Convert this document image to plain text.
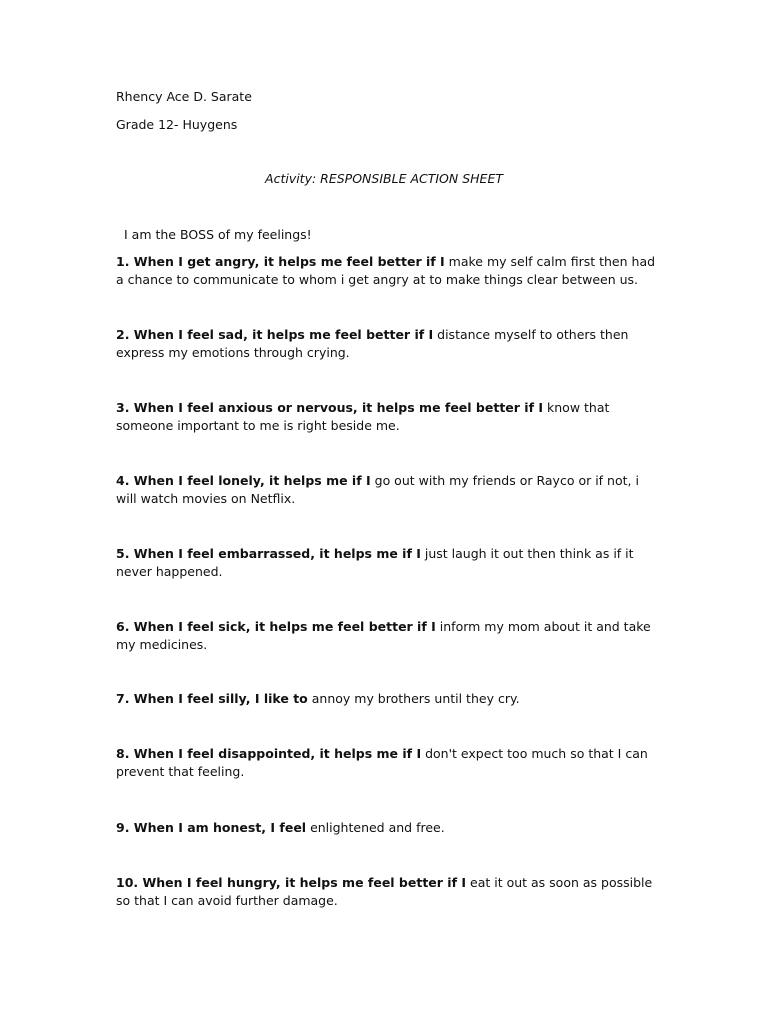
Rhency Ace D. Sarate
Grade 12- Huygens
Activity: RESPONSIBLE ACTION SHEET
I am the BOSS of my feelings!
1. When I get angry, it helps me feel better if I make my self calm first then had a chance to communicate to whom i get angry at to make things clear between us.
2. When I feel sad, it helps me feel better if I distance myself to others then express my emotions through crying.
3. When I feel anxious or nervous, it helps me feel better if I know that someone important to me is right beside me.
4. When I feel lonely, it helps me if I go out with my friends or Rayco or if not, i will watch movies on Netflix.
5. When I feel embarrassed, it helps me if I just laugh it out then think as if it never happened.
6. When I feel sick, it helps me feel better if I inform my mom about it and take my medicines.
7. When I feel silly, I like to annoy my brothers until they cry.
8. When I feel disappointed, it helps me if I don't expect too much so that I can prevent that feeling.
9. When I am honest, I feel enlightened and free.
10. When I feel hungry, it helps me feel better if I eat it out as soon as possible so that I can avoid further damage.
